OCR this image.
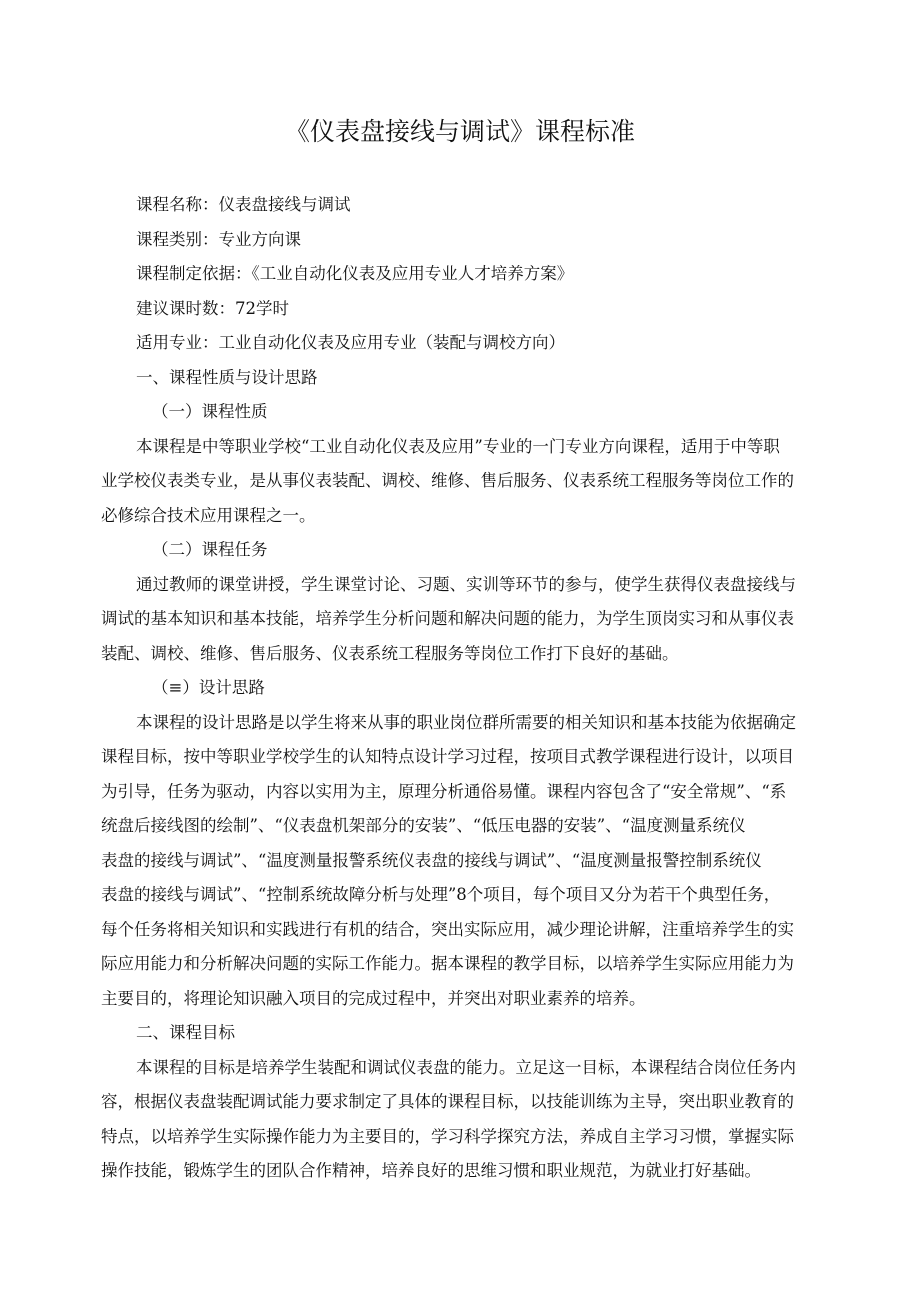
《仪表盘接线与调试》课程标准
课程名称：仪表盘接线与调试
课程类别：专业方向课
课程制定依据：《工业自动化仪表及应用专业人才培养方案》
建议课时数：72学时
适用专业：工业自动化仪表及应用专业（装配与调校方向）
一、课程性质与设计思路
（一）课程性质
本课程是中等职业学校“工业自动化仪表及应用”专业的一门专业方向课程，适用于中等职
业学校仪表类专业，是从事仪表装配、调校、维修、售后服务、仪表系统工程服务等岗位工作的
必修综合技术应用课程之一。
（二）课程任务
通过教师的课堂讲授，学生课堂讨论、习题、实训等环节的参与，使学生获得仪表盘接线与
调试的基本知识和基本技能，培养学生分析问题和解决问题的能力，为学生顶岗实习和从事仪表
装配、调校、维修、售后服务、仪表系统工程服务等岗位工作打下良好的基础。
（≡）设计思路
本课程的设计思路是以学生将来从事的职业岗位群所需要的相关知识和基本技能为依据确定
课程目标，按中等职业学校学生的认知特点设计学习过程，按项目式教学课程进行设计，以项目
为引导，任务为驱动，内容以实用为主，原理分析通俗易懂。课程内容包含了“安全常规”、“系
统盘后接线图的绘制”、“仪表盘机架部分的安装”、“低压电器的安装”、“温度测量系统仪
表盘的接线与调试”、“温度测量报警系统仪表盘的接线与调试”、“温度测量报警控制系统仪
表盘的接线与调试”、“控制系统故障分析与处理”8个项目，每个项目又分为若干个典型任务，
每个任务将相关知识和实践进行有机的结合，突出实际应用，减少理论讲解，注重培养学生的实
际应用能力和分析解决问题的实际工作能力。据本课程的教学目标，以培养学生实际应用能力为
主要目的，将理论知识融入项目的完成过程中，并突出对职业素养的培养。
二、课程目标
本课程的目标是培养学生装配和调试仪表盘的能力。立足这一目标，本课程结合岗位任务内
容，根据仪表盘装配调试能力要求制定了具体的课程目标，以技能训练为主导，突出职业教育的
特点，以培养学生实际操作能力为主要目的，学习科学探究方法，养成自主学习习惯，掌握实际
操作技能，锻炼学生的团队合作精神，培养良好的思维习惯和职业规范，为就业打好基础。
